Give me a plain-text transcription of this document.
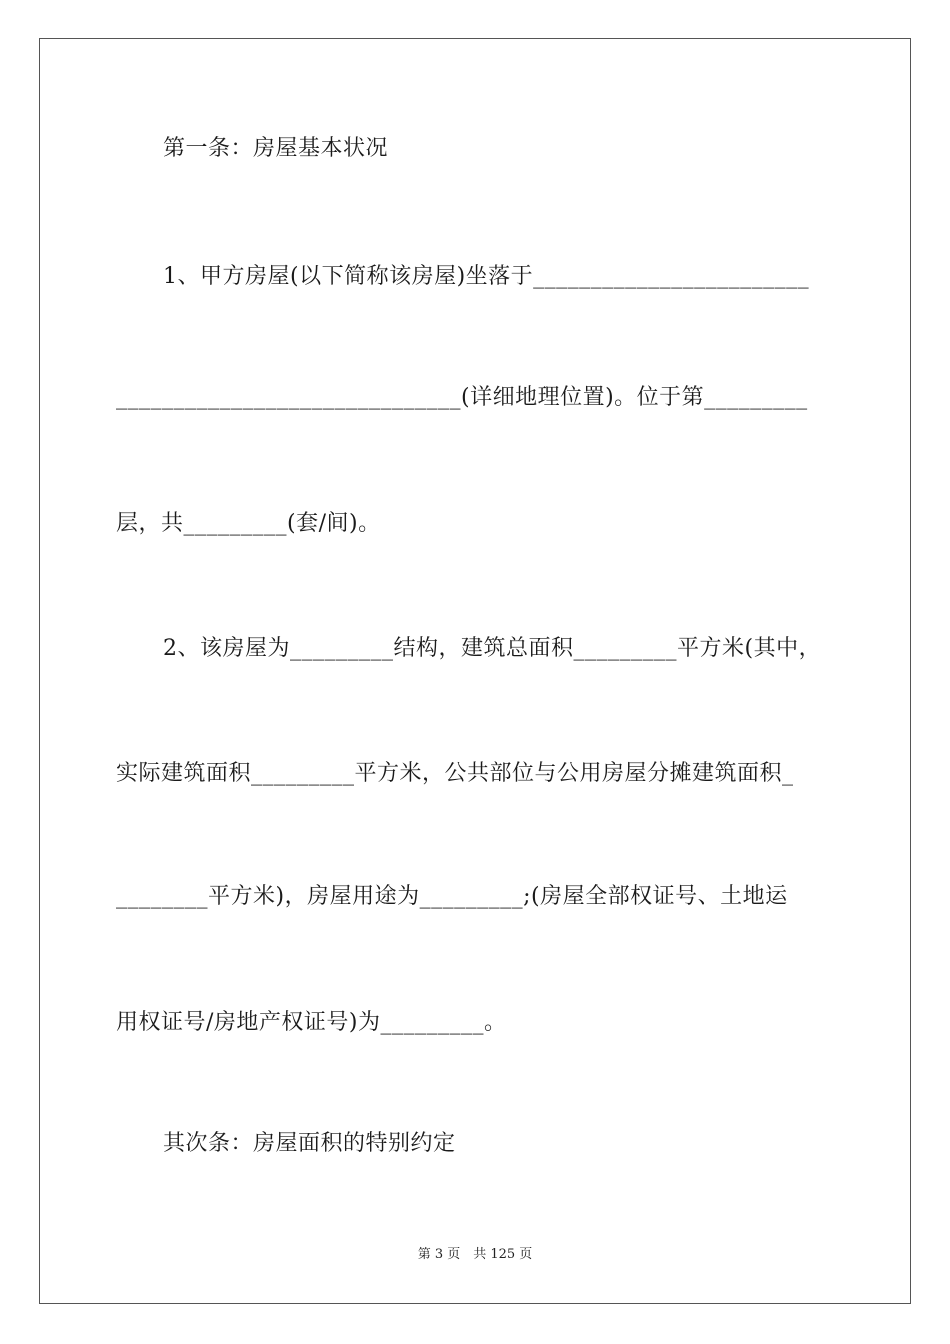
第一条：房屋基本状况
1、甲方房屋(以下简称该房屋)坐落于________________________
______________________________(详细地理位置)。位于第_________
层，共_________(套/间)。
2、该房屋为_________结构，建筑总面积_________平方米(其中，
实际建筑面积_________平方米，公共部位与公用房屋分摊建筑面积_
________平方米)，房屋用途为_________;(房屋全部权证号、土地运
用权证号/房地产权证号)为_________。
其次条：房屋面积的特别约定
第 3 页　共 125 页
